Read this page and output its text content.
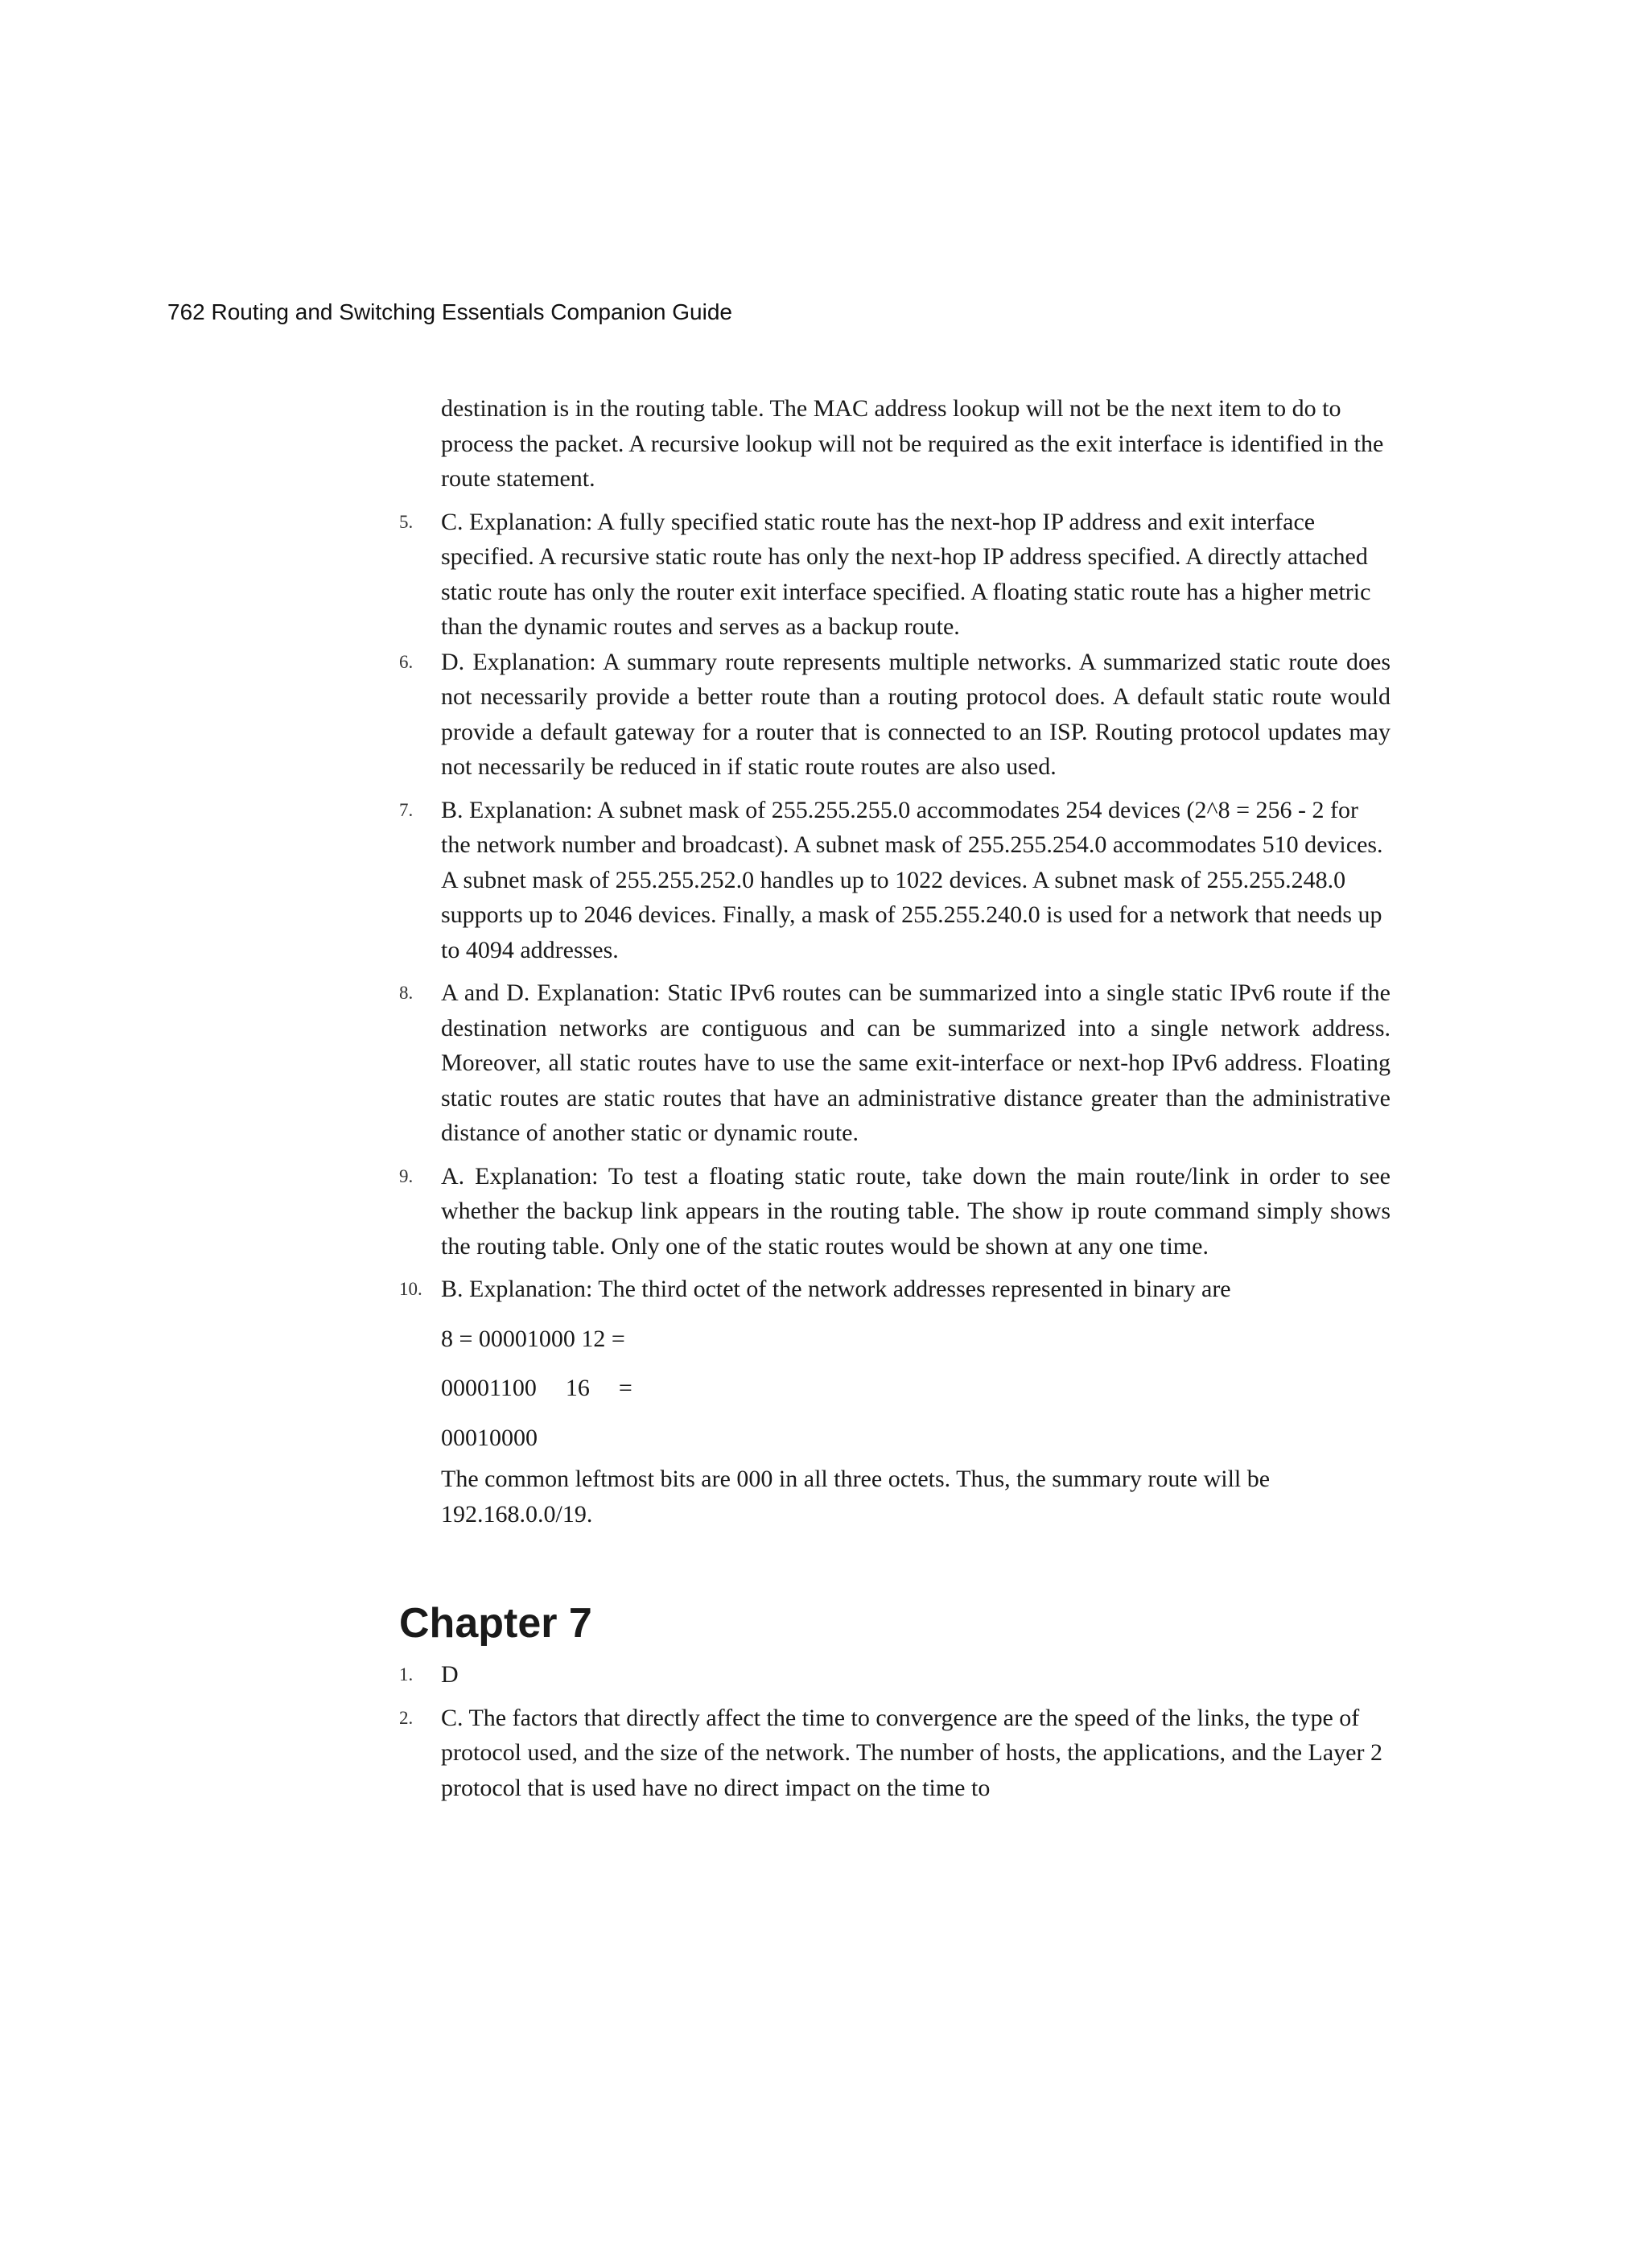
762 Routing and Switching Essentials Companion Guide
destination is in the routing table. The MAC address lookup will not be the next item to do to process the packet. A recursive lookup will not be required as the exit interface is identified in the route statement.
5.	C. Explanation: A fully specified static route has the next-hop IP address and exit interface specified. A recursive static route has only the next-hop IP address specified. A directly attached static route has only the router exit interface specified. A floating static route has a higher metric than the dynamic routes and serves as a backup route.
6.	D. Explanation: A summary route represents multiple networks. A summarized static route does not necessarily provide a better route than a routing protocol does. A default static route would provide a default gateway for a router that is connected to an ISP. Routing protocol updates may not necessarily be reduced in if static route routes are also used.
7.	B. Explanation: A subnet mask of 255.255.255.0 accommodates 254 devices (2^8 = 256 - 2 for the network number and broadcast). A subnet mask of 255.255.254.0 accommodates 510 devices. A subnet mask of 255.255.252.0 handles up to 1022 devices. A subnet mask of 255.255.248.0 supports up to 2046 devices. Finally, a mask of 255.255.240.0 is used for a network that needs up to 4094 addresses.
8.	A and D. Explanation: Static IPv6 routes can be summarized into a single static IPv6 route if the destination networks are contiguous and can be summarized into a single network address. Moreover, all static routes have to use the same exit-interface or next-hop IPv6 address. Floating static routes are static routes that have an administrative distance greater than the administrative distance of another static or dynamic route.
9.	A. Explanation: To test a floating static route, take down the main route/link in order to see whether the backup link appears in the routing table. The show ip route command simply shows the routing table. Only one of the static routes would be shown at any one time.
10. B. Explanation: The third octet of the network addresses represented in binary are
8 = 00001000 12 =
00001100 16 =
00010000
The common leftmost bits are 000 in all three octets. Thus, the summary route will be 192.168.0.0/19.
Chapter 7
1.	D
2.	C. The factors that directly affect the time to convergence are the speed of the links, the type of protocol used, and the size of the network. The number of hosts, the applications, and the Layer 2 protocol that is used have no direct impact on the time to
